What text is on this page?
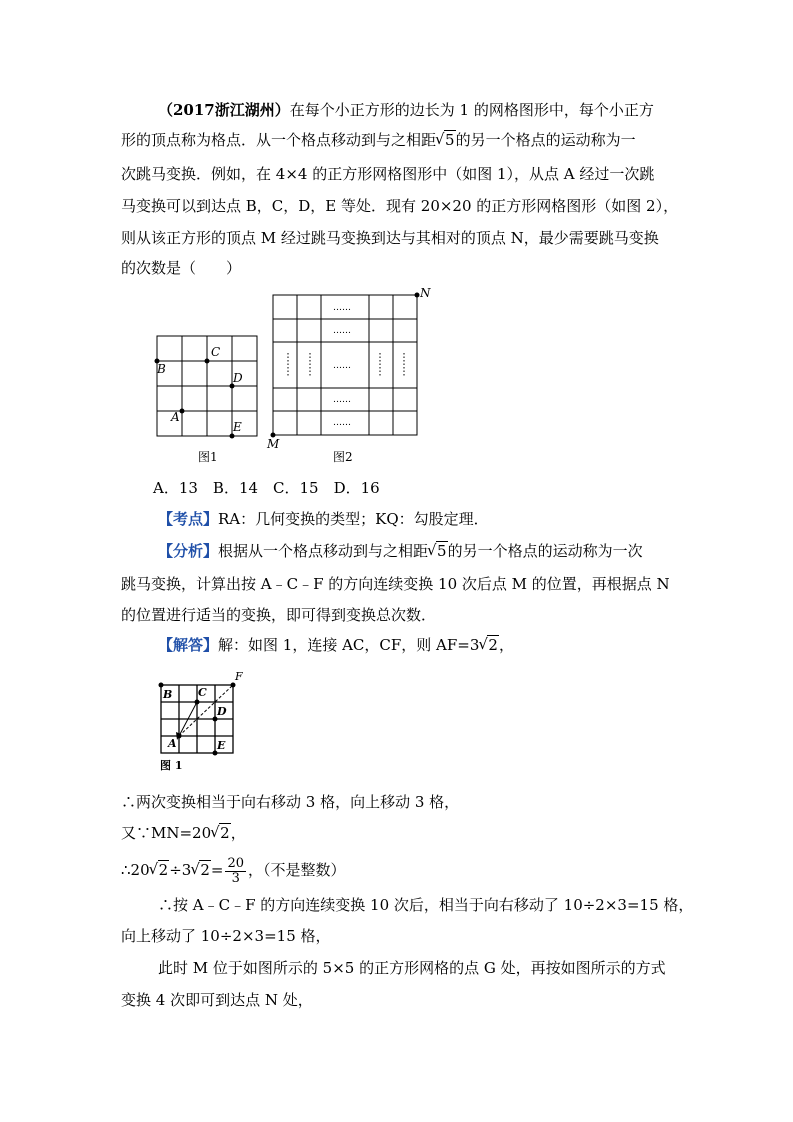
（2017浙江湖州）在每个小正方形的边长为 1 的网格图形中，每个小正方
形的顶点称为格点．从一个格点移动到与之相距 √ 5的另一个格点的运动称为一
次跳马变换．例如，在 4×4 的正方形网格图形中（如图 1），从点 A 经过一次跳
马变换可以到达点 B，C，D，E 等处．现有 20×20 的正方形网格图形（如图 2），
则从该正方形的顶点 M 经过跳马变换到达与其相对的顶点 N，最少需要跳马变换
的次数是（　　）
B
C
D
A
E
图1
……
……
……
……
……
N
M
图2
A．13　B．14　C．15　D．16
【考点】RA：几何变换的类型；KQ：勾股定理．
【分析】根据从一个格点移动到与之相距 √ 5的另一个格点的运动称为一次
跳马变换，计算出按 A﹣C﹣F 的方向连续变换 10 次后点 M 的位置，再根据点 N
的位置进行适当的变换，即可得到变换总次数．
【解答】解：如图 1，连接 AC，CF，则 AF=3 √ 2，
F
B C
D
A	E
图 1
∴两次变换相当于向右移动 3 格，向上移动 3 格，
又∵MN=20 √ 2，
∴20 √ 2÷3 √ $2= \frac{20}{3}$ ，（不是整数）
∴按 A﹣C﹣F 的方向连续变换 10 次后，相当于向右移动了 10÷2×3=15 格，
向上移动了 10÷2×3=15 格，
此时 M 位于如图所示的 5×5 的正方形网格的点 G 处，再按如图所示的方式
变换 4 次即可到达点 N 处，
